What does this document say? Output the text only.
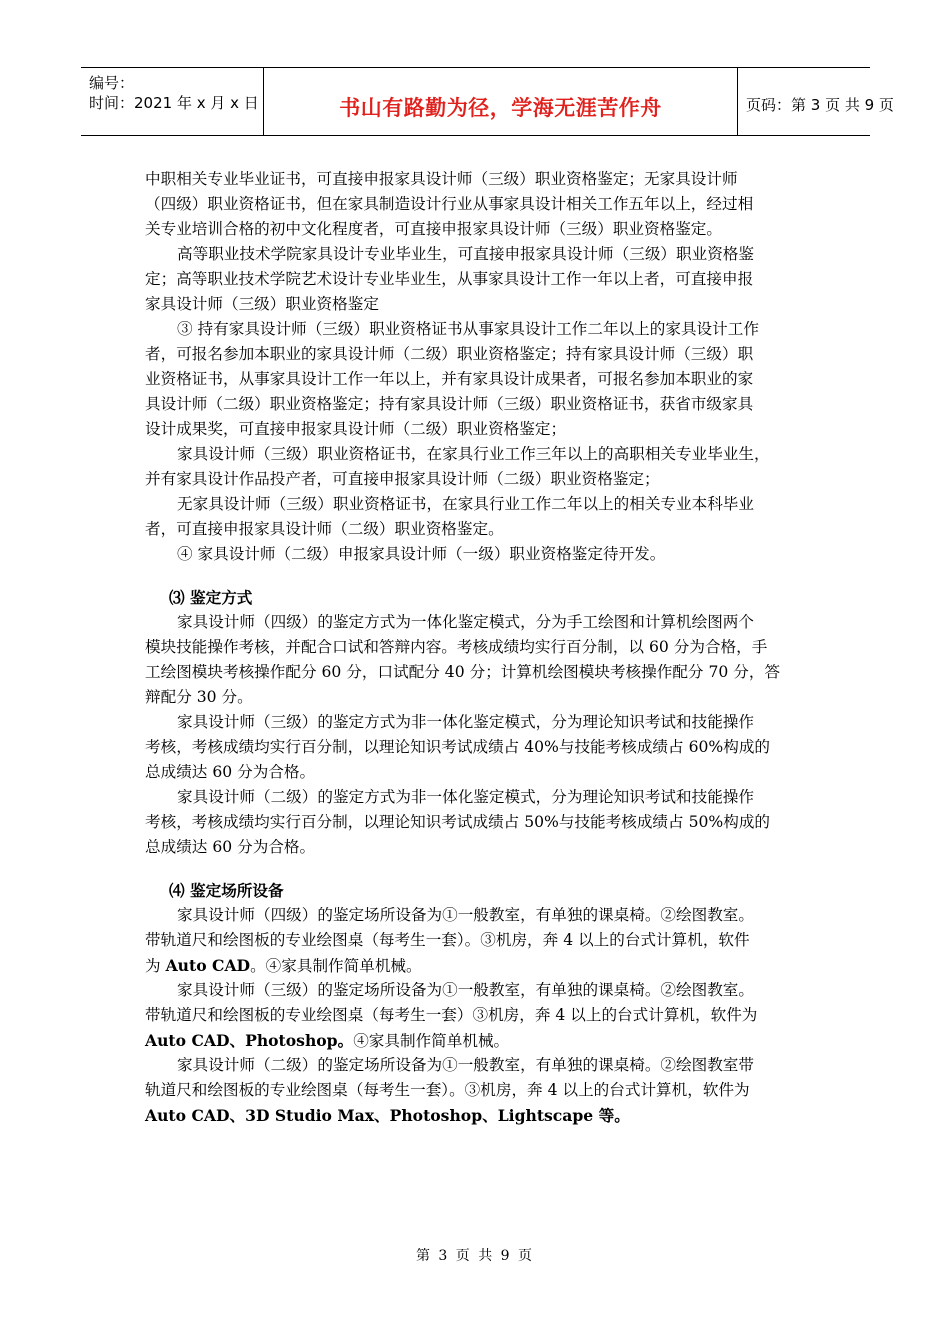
编号：
时间：2021 年 x 月 x 日	书山有路勤为径，学海无涯苦作舟	页码：第 3 页 共 9 页
中职相关专业毕业证书，可直接申报家具设计师（三级）职业资格鉴定；无家具设计师
（四级）职业资格证书，但在家具制造设计行业从事家具设计相关工作五年以上，经过相
关专业培训合格的初中文化程度者，可直接申报家具设计师（三级）职业资格鉴定。
高等职业技术学院家具设计专业毕业生，可直接申报家具设计师（三级）职业资格鉴
定；高等职业技术学院艺术设计专业毕业生，从事家具设计工作一年以上者，可直接申报
家具设计师（三级）职业资格鉴定
③ 持有家具设计师（三级）职业资格证书从事家具设计工作二年以上的家具设计工作
者，可报名参加本职业的家具设计师（二级）职业资格鉴定；持有家具设计师（三级）职
业资格证书，从事家具设计工作一年以上，并有家具设计成果者，可报名参加本职业的家
具设计师（二级）职业资格鉴定；持有家具设计师（三级）职业资格证书，获省市级家具
设计成果奖，可直接申报家具设计师（二级）职业资格鉴定；
家具设计师（三级）职业资格证书，在家具行业工作三年以上的高职相关专业毕业生，
并有家具设计作品投产者，可直接申报家具设计师（二级）职业资格鉴定；
无家具设计师（三级）职业资格证书，在家具行业工作二年以上的相关专业本科毕业
者，可直接申报家具设计师（二级）职业资格鉴定。
④ 家具设计师（二级）申报家具设计师（一级）职业资格鉴定待开发。
⑶ 鉴定方式
家具设计师（四级）的鉴定方式为一体化鉴定模式，分为手工绘图和计算机绘图两个
模块技能操作考核，并配合口试和答辩内容。考核成绩均实行百分制，以 60 分为合格，手
工绘图模块考核操作配分 60 分，口试配分 40 分；计算机绘图模块考核操作配分 70 分，答
辩配分 30 分。
家具设计师（三级）的鉴定方式为非一体化鉴定模式，分为理论知识考试和技能操作
考核，考核成绩均实行百分制，以理论知识考试成绩占 40%与技能考核成绩占 60%构成的
总成绩达 60 分为合格。
家具设计师（二级）的鉴定方式为非一体化鉴定模式，分为理论知识考试和技能操作
考核，考核成绩均实行百分制，以理论知识考试成绩占 50%与技能考核成绩占 50%构成的
总成绩达 60 分为合格。
⑷ 鉴定场所设备
家具设计师（四级）的鉴定场所设备为①一般教室，有单独的课桌椅。②绘图教室。
带轨道尺和绘图板的专业绘图桌（每考生一套）。③机房，奔 4 以上的台式计算机，软件
为 Auto CAD。④家具制作简单机械。
家具设计师（三级）的鉴定场所设备为①一般教室，有单独的课桌椅。②绘图教室。
带轨道尺和绘图板的专业绘图桌（每考生一套）③机房，奔 4 以上的台式计算机，软件为
Auto CAD、Photoshop。④家具制作简单机械。
家具设计师（二级）的鉴定场所设备为①一般教室，有单独的课桌椅。②绘图教室带
轨道尺和绘图板的专业绘图桌（每考生一套）。③机房，奔 4 以上的台式计算机，软件为
Auto CAD、3D Studio Max、Photoshop、Lightscape 等。
第 3 页 共 9 页
